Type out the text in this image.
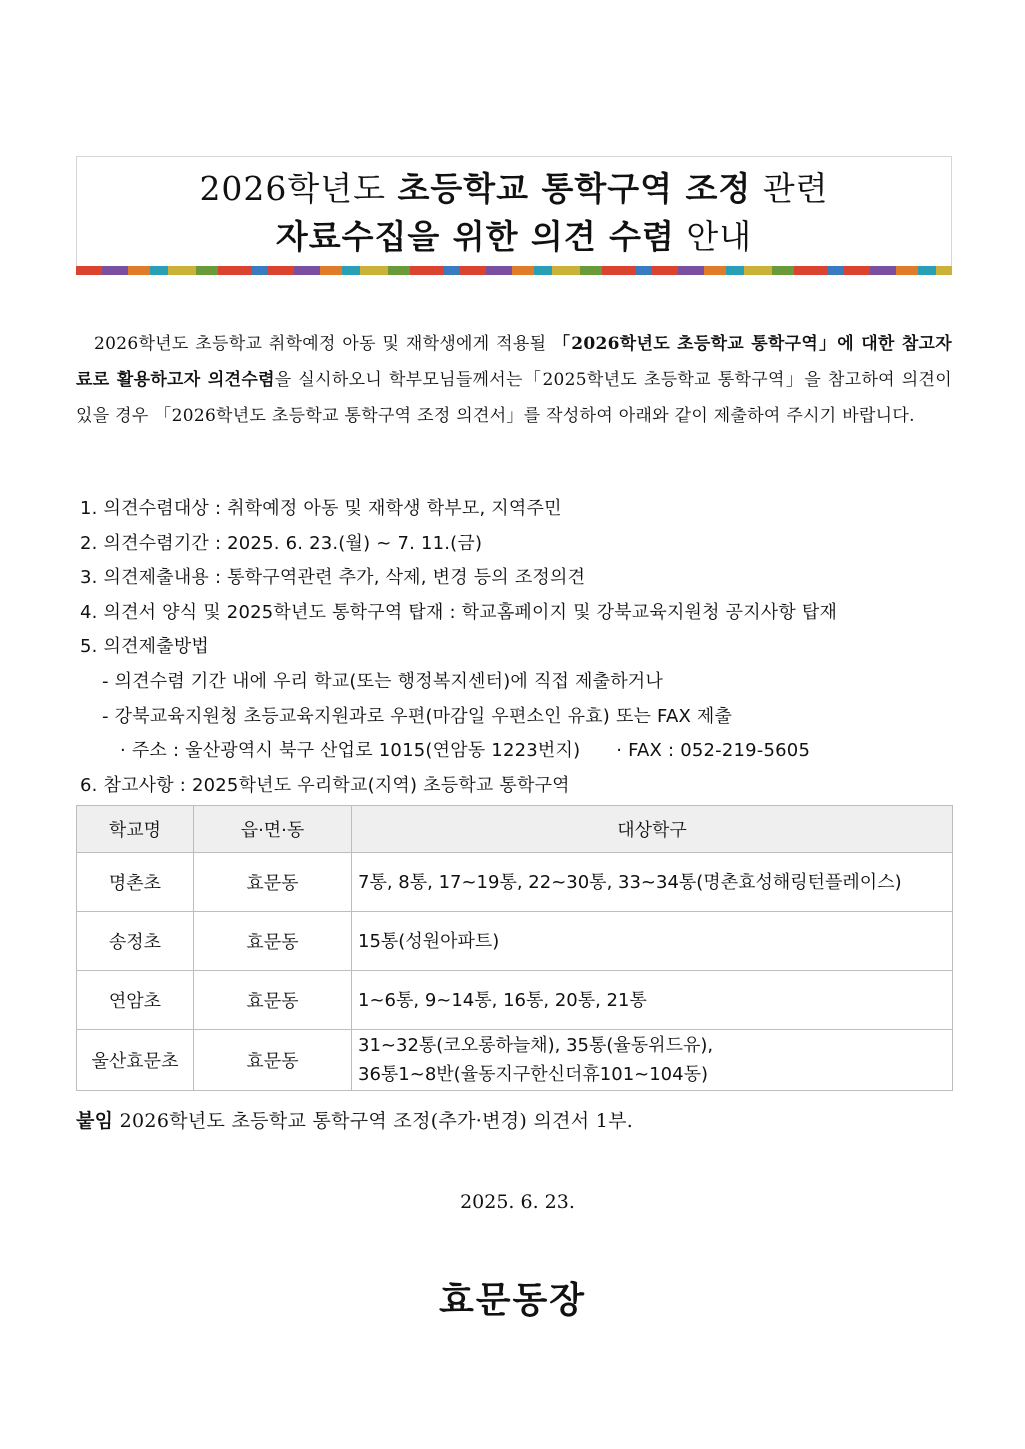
2026학년도 초등학교 통학구역 조정 관련
자료수집을 위한 의견 수렴 안내
2026학년도 초등학교 취학예정 아동 및 재학생에게 적용될 「2026학년도 초등학교 통학구역」에 대한 참고자료로 활용하고자 의견수렴을 실시하오니 학부모님들께서는「2025학년도 초등학교 통학구역」을 참고하여 의견이 있을 경우 「2026학년도 초등학교 통학구역 조정 의견서」를 작성하여 아래와 같이 제출하여 주시기 바랍니다.
1. 의견수렴대상 : 취학예정 아동 및 재학생 학부모, 지역주민
2. 의견수렴기간 : 2025. 6. 23.(월) ~ 7. 11.(금)
3. 의견제출내용 : 통학구역관련 추가, 삭제, 변경 등의 조정의견
4. 의견서 양식 및 2025학년도 통학구역 탑재 : 학교홈페이지 및 강북교육지원청 공지사항 탑재
5. 의견제출방법
- 의견수렴 기간 내에 우리 학교(또는 행정복지센터)에 직접 제출하거나
- 강북교육지원청 초등교육지원과로 우편(마감일 우편소인 유효) 또는 FAX 제출
· 주소 : 울산광역시 북구 산업로 1015(연암동 1223번지) · FAX : 052-219-5605
6. 참고사항 : 2025학년도 우리학교(지역) 초등학교 통학구역
학교명	읍·면·동	대상학구
명촌초	효문동	7통, 8통, 17~19통, 22~30통, 33~34통(명촌효성해링턴플레이스)

송정초	효문동	15통(성원아파트)

연암초	효문동	1~6통, 9~14통, 16통, 20통, 21통

울산효문초	효문동	31~32통(코오롱하늘채), 35통(율동위드유),
36통1~8반(율동지구한신더휴101~104동)
붙임 2026학년도 초등학교 통학구역 조정(추가·변경) 의견서 1부.
2025. 6. 23.
효문동장
